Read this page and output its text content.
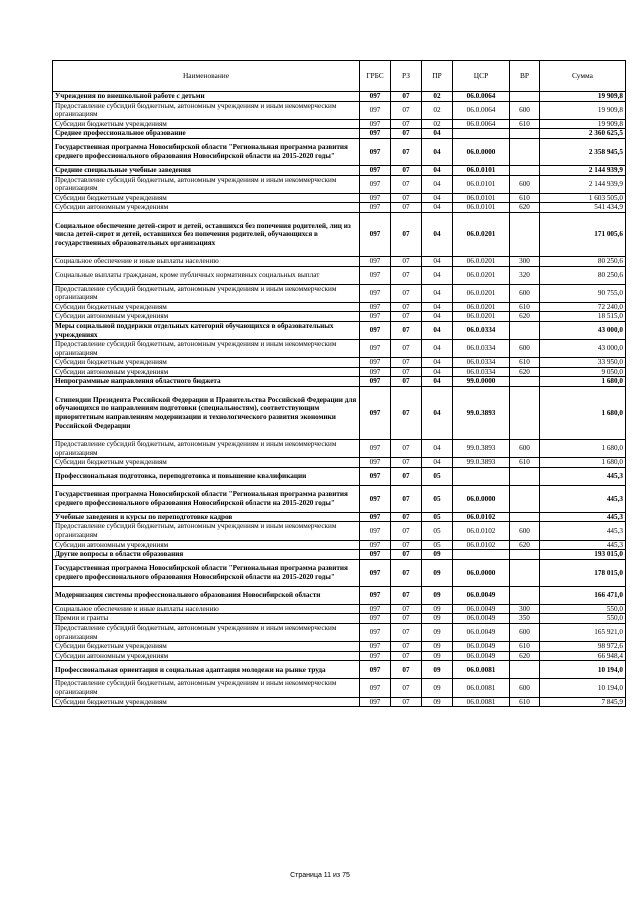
Наименование	ГРБС	РЗ	ПР	ЦСР	ВР	Сумма
Учреждения по внешкольной работе с детьми	097	07	02	06.0.0064		19 909,8
Предоставление субсидий бюджетным, автономным учреждениям и иным некоммерческим организациям	097	07	02	06.0.0064	600	19 909,8
Субсидии бюджетным учреждениям	097	07	02	06.0.0064	610	19 909,8
Среднее профессиональное образование	097	07	04			2 360 625,5
Государственная программа Новосибирской области "Региональная программа развития среднего профессионального образования Новосибирской области на 2015-2020 годы"	097	07	04	06.0.0000		2 358 945,5
Средние специальные учебные заведения	097	07	04	06.0.0101		2 144 939,9
Предоставление субсидий бюджетным, автономным учреждениям и иным некоммерческим организациям	097	07	04	06.0.0101	600	2 144 939,9
Субсидии бюджетным учреждениям	097	07	04	06.0.0101	610	1 603 505,0
Субсидии автономным учреждениям	097	07	04	06.0.0101	620	541 434,9
Социальное обеспечение детей-сирот и детей, оставшихся без попечения родителей, лиц из числа детей-сирот и детей, оставшихся без попечения родителей, обучающихся в государственных образовательных организациях	097	07	04	06.0.0201		171 005,6
Социальное обеспечение и иные выплаты населению	097	07	04	06.0.0201	300	80 250,6
Социальные выплаты гражданам, кроме публичных нормативных социальных выплат	097	07	04	06.0.0201	320	80 250,6
Предоставление субсидий бюджетным, автономным учреждениям и иным некоммерческим организациям	097	07	04	06.0.0201	600	90 755,0
Субсидии бюджетным учреждениям	097	07	04	06.0.0201	610	72 240,0
Субсидии автономным учреждениям	097	07	04	06.0.0201	620	18 515,0
Меры социальной поддержки отдельных категорий обучающихся в образовательных учреждениях	097	07	04	06.0.0334		43 000,0
Предоставление субсидий бюджетным, автономным учреждениям и иным некоммерческим организациям	097	07	04	06.0.0334	600	43 000,0
Субсидии бюджетным учреждениям	097	07	04	06.0.0334	610	33 950,0
Субсидии автономным учреждениям	097	07	04	06.0.0334	620	9 050,0
Непрограммные направления областного бюджета	097	07	04	99.0.0000		1 680,0
Стипендии Президента Российской Федерации и Правительства Российской Федерации для обучающихся по направлениям подготовки (специальностям), соответствующим приоритетным направлениям модернизации и технологического развития экономики Российской Федерации	097	07	04	99.0.3893		1 680,0
Предоставление субсидий бюджетным, автономным учреждениям и иным некоммерческим организациям	097	07	04	99.0.3893	600	1 680,0
Субсидии бюджетным учреждениям	097	07	04	99.0.3893	610	1 680,0
Профессиональная подготовка, переподготовка и повышение квалификации	097	07	05			445,3
Государственная программа Новосибирской области "Региональная программа развития среднего профессионального образования Новосибирской области на 2015-2020 годы"	097	07	05	06.0.0000		445,3
Учебные заведения и курсы по переподготовке кадров	097	07	05	06.0.0102		445,3
Предоставление субсидий бюджетным, автономным учреждениям и иным некоммерческим организациям	097	07	05	06.0.0102	600	445,3
Субсидии автономным учреждениям	097	07	05	06.0.0102	620	445,3
Другие вопросы в области образования	097	07	09			193 015,0
Государственная программа Новосибирской области "Региональная программа развития среднего профессионального образования Новосибирской области на 2015-2020 годы"	097	07	09	06.0.0000		178 015,0
Модернизация системы профессионального образования Новосибирской области	097	07	09	06.0.0049		166 471,0
Социальное обеспечение и иные выплаты населению	097	07	09	06.0.0049	300	550,0
Премии и гранты	097	07	09	06.0.0049	350	550,0
Предоставление субсидий бюджетным, автономным учреждениям и иным некоммерческим организациям	097	07	09	06.0.0049	600	165 921,0
Субсидии бюджетным учреждениям	097	07	09	06.0.0049	610	98 972,6
Субсидии автономным учреждениям	097	07	09	06.0.0049	620	66 948,4
Профессиональная ориентация и социальная адаптация молодежи на рынке труда	097	07	09	06.0.0081		10 194,0
Предоставление субсидий бюджетным, автономным учреждениям и иным некоммерческим организациям	097	07	09	06.0.0081	600	10 194,0
Субсидии бюджетным учреждениям	097	07	09	06.0.0081	610	7 845,9
Страница 11 из 75
